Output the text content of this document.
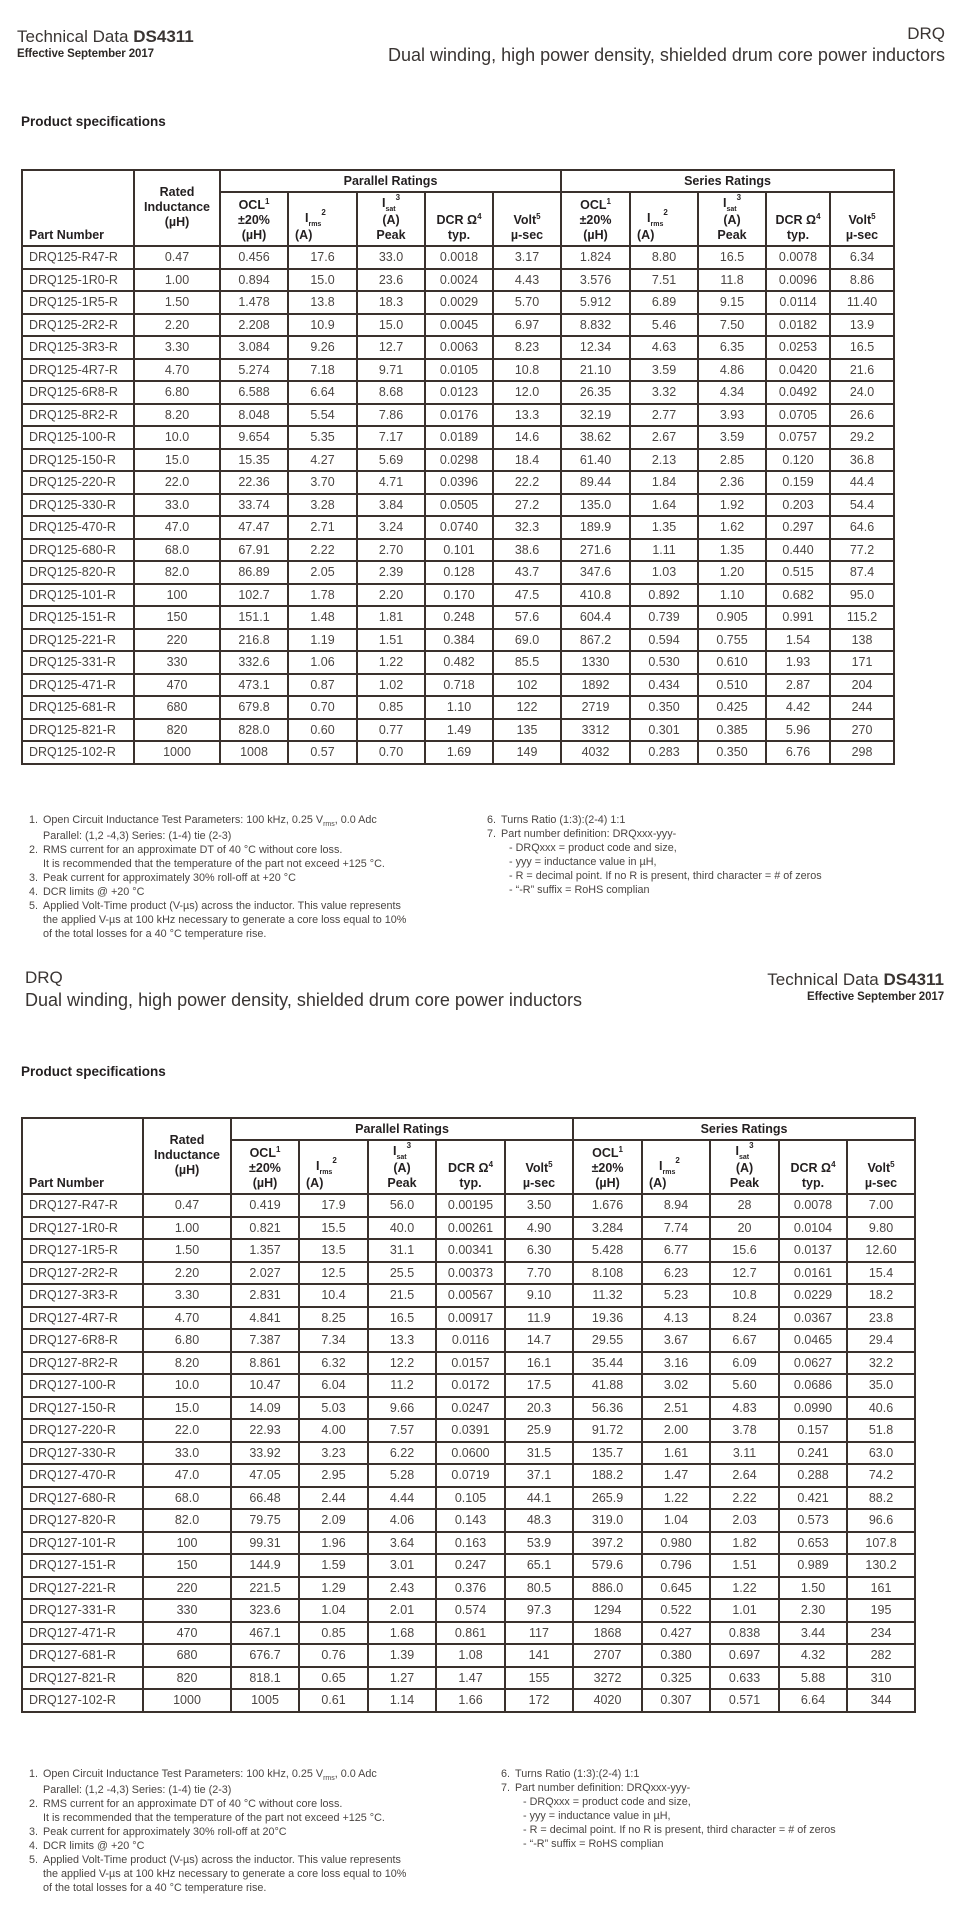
Technical Data DS4311
Effective September 2017
DRQ
Dual winding, high power density, shielded drum core power inductors
Product specifications
Part Number	Rated
Inductance
(µH)	Parallel Ratings					Series Ratings				
		$OCL^1$
±20%
(µH)	$I_{rms}^2$
(A)	$I_{sat}^3$
(A)
Peak	DCR $\Omega^4$
typ.	Volt$^5$
µ-sec	$OCL^1$
±20%
(µH)	$I_{rms}^2$
(A)	$I_{sat}^3$
(A)
Peak	DCR $\Omega^4$
typ.	Volt$^5$
µ-sec
DRQ125-R47-R	0.47	0.456	17.6	33.0	0.0018	3.17	1.824	8.80	16.5	0.0078	6.34
DRQ125-1R0-R	1.00	0.894	15.0	23.6	0.0024	4.43	3.576	7.51	11.8	0.0096	8.86
DRQ125-1R5-R	1.50	1.478	13.8	18.3	0.0029	5.70	5.912	6.89	9.15	0.0114	11.40
DRQ125-2R2-R	2.20	2.208	10.9	15.0	0.0045	6.97	8.832	5.46	7.50	0.0182	13.9
DRQ125-3R3-R	3.30	3.084	9.26	12.7	0.0063	8.23	12.34	4.63	6.35	0.0253	16.5
DRQ125-4R7-R	4.70	5.274	7.18	9.71	0.0105	10.8	21.10	3.59	4.86	0.0420	21.6
DRQ125-6R8-R	6.80	6.588	6.64	8.68	0.0123	12.0	26.35	3.32	4.34	0.0492	24.0
DRQ125-8R2-R	8.20	8.048	5.54	7.86	0.0176	13.3	32.19	2.77	3.93	0.0705	26.6
DRQ125-100-R	10.0	9.654	5.35	7.17	0.0189	14.6	38.62	2.67	3.59	0.0757	29.2
DRQ125-150-R	15.0	15.35	4.27	5.69	0.0298	18.4	61.40	2.13	2.85	0.120	36.8
DRQ125-220-R	22.0	22.36	3.70	4.71	0.0396	22.2	89.44	1.84	2.36	0.159	44.4
DRQ125-330-R	33.0	33.74	3.28	3.84	0.0505	27.2	135.0	1.64	1.92	0.203	54.4
DRQ125-470-R	47.0	47.47	2.71	3.24	0.0740	32.3	189.9	1.35	1.62	0.297	64.6
DRQ125-680-R	68.0	67.91	2.22	2.70	0.101	38.6	271.6	1.11	1.35	0.440	77.2
DRQ125-820-R	82.0	86.89	2.05	2.39	0.128	43.7	347.6	1.03	1.20	0.515	87.4
DRQ125-101-R	100	102.7	1.78	2.20	0.170	47.5	410.8	0.892	1.10	0.682	95.0
DRQ125-151-R	150	151.1	1.48	1.81	0.248	57.6	604.4	0.739	0.905	0.991	115.2
DRQ125-221-R	220	216.8	1.19	1.51	0.384	69.0	867.2	0.594	0.755	1.54	138
DRQ125-331-R	330	332.6	1.06	1.22	0.482	85.5	1330	0.530	0.610	1.93	171
DRQ125-471-R	470	473.1	0.87	1.02	0.718	102	1892	0.434	0.510	2.87	204
DRQ125-681-R	680	679.8	0.70	0.85	1.10	122	2719	0.350	0.425	4.42	244
DRQ125-821-R	820	828.0	0.60	0.77	1.49	135	3312	0.301	0.385	5.96	270
DRQ125-102-R	1000	1008	0.57	0.70	1.69	149	4032	0.283	0.350	6.76	298
1. Open Circuit Inductance Test Parameters: 100 kHz, 0.25 $V_{rms}$, 0.0 Adc
Parallel: (1,2 -4,3) Series: (1-4) tie (2-3)
2. RMS current for an approximate DT of 40 °C without core loss.
It is recommended that the temperature of the part not exceed +125 °C.
3. Peak current for approximately 30% roll-off at +20 °C
4. DCR limits @ +20 °C
5. Applied Volt-Time product (V-µs) across the inductor. This value represents
the applied V-µs at 100 kHz necessary to generate a core loss equal to 10%
of the total losses for a 40 °C temperature rise.
6. Turns Ratio (1:3):(2-4) 1:1
7. Part number definition: DRQxxx-yyy-
- DRQxxx = product code and size,
- yyy = inductance value in µH,
- R = decimal point. If no R is present, third character = # of zeros
- “-R” suffix = RoHS complian
DRQ
Dual winding, high power density, shielded drum core power inductors
Technical Data DS4311
Effective September 2017
Product specifications
Part Number	Rated
Inductance
(µH)	Parallel Ratings					Series Ratings				
		$OCL^1$
±20%
(µH)	$I_{rms}^2$
(A)	$I_{sat}^3$
(A)
Peak	DCR $\Omega^4$
typ.	Volt$^5$
µ-sec	$OCL^1$
±20%
(µH)	$I_{rms}^2$
(A)	$I_{sat}^3$
(A)
Peak	DCR $\Omega^4$
typ.	Volt$^5$
µ-sec
DRQ127-R47-R	0.47	0.419	17.9	56.0	0.00195	3.50	1.676	8.94	28	0.0078	7.00
DRQ127-1R0-R	1.00	0.821	15.5	40.0	0.00261	4.90	3.284	7.74	20	0.0104	9.80
DRQ127-1R5-R	1.50	1.357	13.5	31.1	0.00341	6.30	5.428	6.77	15.6	0.0137	12.60
DRQ127-2R2-R	2.20	2.027	12.5	25.5	0.00373	7.70	8.108	6.23	12.7	0.0161	15.4
DRQ127-3R3-R	3.30	2.831	10.4	21.5	0.00567	9.10	11.32	5.23	10.8	0.0229	18.2
DRQ127-4R7-R	4.70	4.841	8.25	16.5	0.00917	11.9	19.36	4.13	8.24	0.0367	23.8
DRQ127-6R8-R	6.80	7.387	7.34	13.3	0.0116	14.7	29.55	3.67	6.67	0.0465	29.4
DRQ127-8R2-R	8.20	8.861	6.32	12.2	0.0157	16.1	35.44	3.16	6.09	0.0627	32.2
DRQ127-100-R	10.0	10.47	6.04	11.2	0.0172	17.5	41.88	3.02	5.60	0.0686	35.0
DRQ127-150-R	15.0	14.09	5.03	9.66	0.0247	20.3	56.36	2.51	4.83	0.0990	40.6
DRQ127-220-R	22.0	22.93	4.00	7.57	0.0391	25.9	91.72	2.00	3.78	0.157	51.8
DRQ127-330-R	33.0	33.92	3.23	6.22	0.0600	31.5	135.7	1.61	3.11	0.241	63.0
DRQ127-470-R	47.0	47.05	2.95	5.28	0.0719	37.1	188.2	1.47	2.64	0.288	74.2
DRQ127-680-R	68.0	66.48	2.44	4.44	0.105	44.1	265.9	1.22	2.22	0.421	88.2
DRQ127-820-R	82.0	79.75	2.09	4.06	0.143	48.3	319.0	1.04	2.03	0.573	96.6
DRQ127-101-R	100	99.31	1.96	3.64	0.163	53.9	397.2	0.980	1.82	0.653	107.8
DRQ127-151-R	150	144.9	1.59	3.01	0.247	65.1	579.6	0.796	1.51	0.989	130.2
DRQ127-221-R	220	221.5	1.29	2.43	0.376	80.5	886.0	0.645	1.22	1.50	161
DRQ127-331-R	330	323.6	1.04	2.01	0.574	97.3	1294	0.522	1.01	2.30	195
DRQ127-471-R	470	467.1	0.85	1.68	0.861	117	1868	0.427	0.838	3.44	234
DRQ127-681-R	680	676.7	0.76	1.39	1.08	141	2707	0.380	0.697	4.32	282
DRQ127-821-R	820	818.1	0.65	1.27	1.47	155	3272	0.325	0.633	5.88	310
DRQ127-102-R	1000	1005	0.61	1.14	1.66	172	4020	0.307	0.571	6.64	344
1. Open Circuit Inductance Test Parameters: 100 kHz, 0.25 $V_{rms}$, 0.0 Adc
Parallel: (1,2 -4,3) Series: (1-4) tie (2-3)
2. RMS current for an approximate DT of 40 °C without core loss.
It is recommended that the temperature of the part not exceed +125 °C.
3. Peak current for approximately 30% roll-off at 20°C
4. DCR limits @ +20 °C
5. Applied Volt-Time product (V-µs) across the inductor. This value represents
the applied V-µs at 100 kHz necessary to generate a core loss equal to 10%
of the total losses for a 40 °C temperature rise.
6. Turns Ratio (1:3):(2-4) 1:1
7. Part number definition: DRQxxx-yyy-
- DRQxxx = product code and size,
- yyy = inductance value in µH,
- R = decimal point. If no R is present, third character = # of zeros
- “-R” suffix = RoHS complian
